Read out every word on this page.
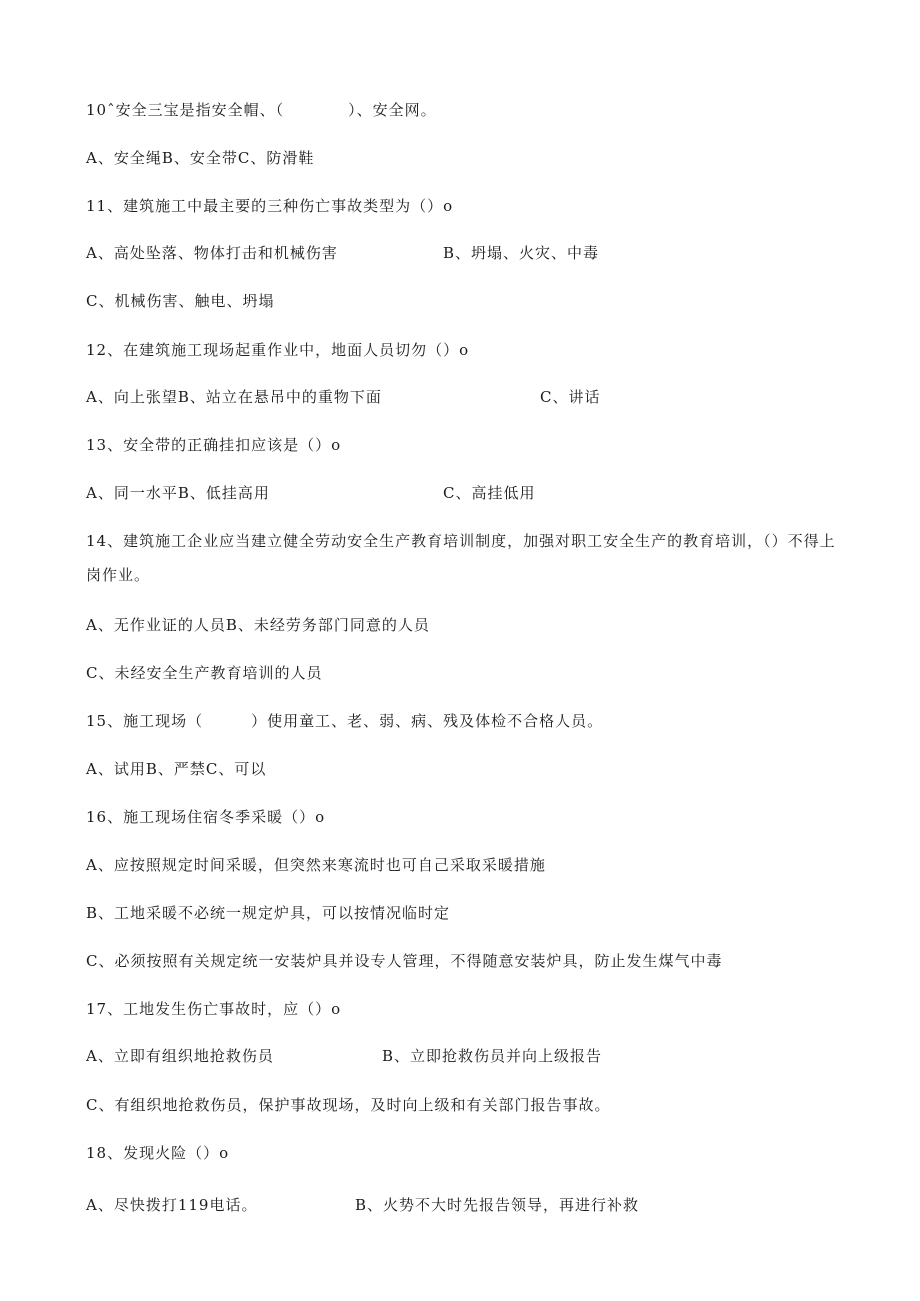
10ˆ安全三宝是指安全帽、（　　　　）、安全网。
A、安全绳B、安全带C、防滑鞋
11、建筑施工中最主要的三种伤亡事故类型为（）o
A、高处坠落、物体打击和机械伤害	B、坍塌、火灾、中毒
C、机械伤害、触电、坍塌
12、在建筑施工现场起重作业中，地面人员切勿（）o
A、向上张望B、站立在悬吊中的重物下面	C、讲话
13、安全带的正确挂扣应该是（）o
A、同一水平B、低挂高用	C、高挂低用
14、建筑施工企业应当建立健全劳动安全生产教育培训制度，加强对职工安全生产的教育培训，（）不得上岗作业。
A、无作业证的人员B、未经劳务部门同意的人员
C、未经安全生产教育培训的人员
15、施工现场（　　　）使用童工、老、弱、病、残及体检不合格人员。
A、试用B、严禁C、可以
16、施工现场住宿冬季采暖（）o
A、应按照规定时间采暖，但突然来寒流时也可自己采取采暖措施
B、工地采暖不必统一规定炉具，可以按情况临时定
C、必须按照有关规定统一安装炉具并设专人管理，不得随意安装炉具，防止发生煤气中毒
17、工地发生伤亡事故时，应（）o
A、立即有组织地抢救伤员	B、立即抢救伤员并向上级报告
C、有组织地抢救伤员，保护事故现场，及时向上级和有关部门报告事故。
18、发现火险（）o
A、尽快拨打119电话。	B、火势不大时先报告领导，再进行补救
